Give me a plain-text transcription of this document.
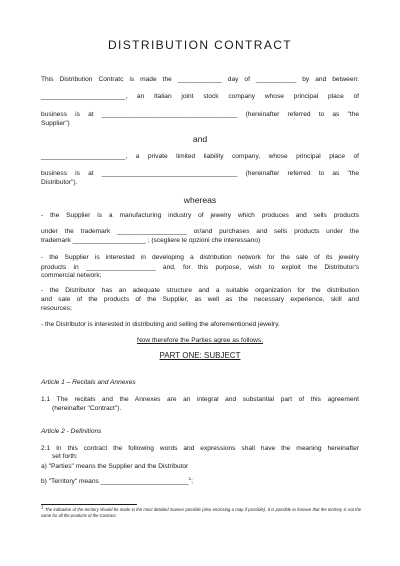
DISTRIBUTION CONTRACT
This Distribution Contratc is made the ____________ day of ___________ by and between:
_______________________, an Italian joint stock company whose principal place of
business is at _____________________________________ (hereinafter referred to as "the
Supplier")
and
_______________________, a private limited liability company, whose principal place of
business is at _____________________________________ (hereinafter referred to as "the
Distributor").
whereas
- the Supplier is a manufacturing industry of jewelry which produces and sells products
under the trademark ___________________ or/and purchases and sells products under the
trademark ____________________ ; (scegliere le opzioni che interessano)
- the Supplier is interested in developing a distribution network for the sale of its jewelry
products in ___________________ and, for this purpose, wish to exploit the Distributor's
commercial network;
- the Distributor has an adequate structure and a suitable organization for the distribution
and sale of the products of the Supplier, as well as the necessary experience, skill and
resources;
- the Distributor is interested in distributing and selling the aforementioned jewelry.
Now therefore the Parties agree as follows:
PART ONE: SUBJECT
Article 1 – Recitals and Annexes
1.1 The recitals and the Annexes are an integral and substantial part of this agreement
(hereinafter "Contract").
Article 2 - Definitions
2.1 In this contract the following words and expressions shall have the meaning hereinafter
set forth:
a) "Parties" means the Supplier and the Distributor
b) "Territory" means ________________________$^1$;
$^1$ The indication of the territory should be made in the most detailed manner possible (also enclosing a map if possible). It is possible to foresee that the territory is not the same for all the products of the Contract.
